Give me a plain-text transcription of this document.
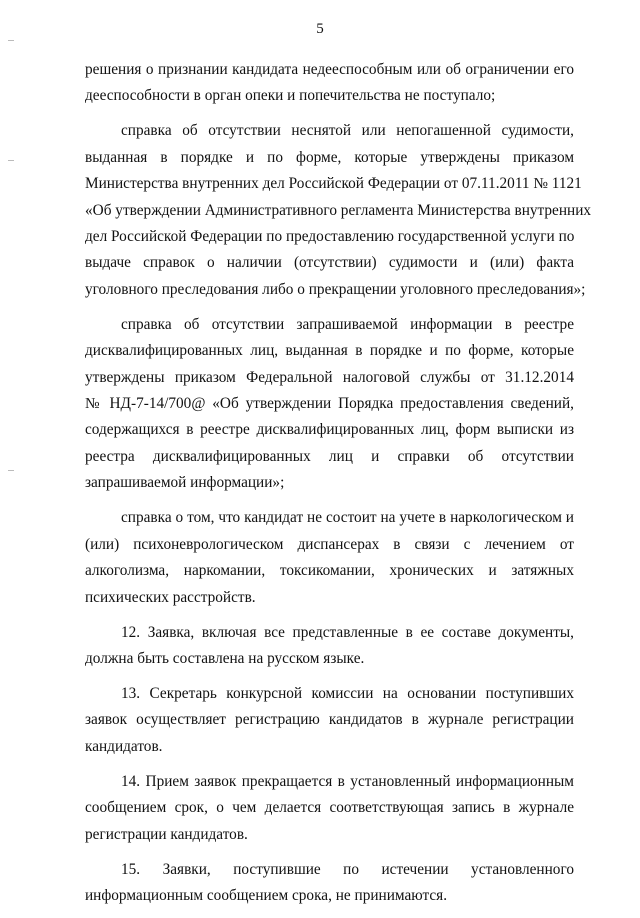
5
решения о признании кандидата недееспособным или об ограничении его
дееспособности в орган опеки и попечительства не поступало;
справка об отсутствии неснятой или непогашенной судимости,
выданная в порядке и по форме, которые утверждены приказом
Министерства внутренних дел Российской Федерации от 07.11.2011 № 1121
«Об утверждении Административного регламента Министерства внутренних
дел Российской Федерации по предоставлению государственной услуги по
выдаче справок о наличии (отсутствии) судимости и (или) факта
уголовного преследования либо о прекращении уголовного преследования»;
справка об отсутствии запрашиваемой информации в реестре
дисквалифицированных лиц, выданная в порядке и по форме, которые
утверждены приказом Федеральной налоговой службы от 31.12.2014
№ НД-7-14/700@ «Об утверждении Порядка предоставления сведений,
содержащихся в реестре дисквалифицированных лиц, форм выписки из
реестра дисквалифицированных лиц и справки об отсутствии
запрашиваемой информации»;
справка о том, что кандидат не состоит на учете в наркологическом и
(или) психоневрологическом диспансерах в связи с лечением от
алкоголизма, наркомании, токсикомании, хронических и затяжных
психических расстройств.
12. Заявка, включая все представленные в ее составе документы,
должна быть составлена на русском языке.
13. Секретарь конкурсной комиссии на основании поступивших
заявок осуществляет регистрацию кандидатов в журнале регистрации
кандидатов.
14. Прием заявок прекращается в установленный информационным
сообщением срок, о чем делается соответствующая запись в журнале
регистрации кандидатов.
15. Заявки, поступившие по истечении установленного
информационным сообщением срока, не принимаются.
